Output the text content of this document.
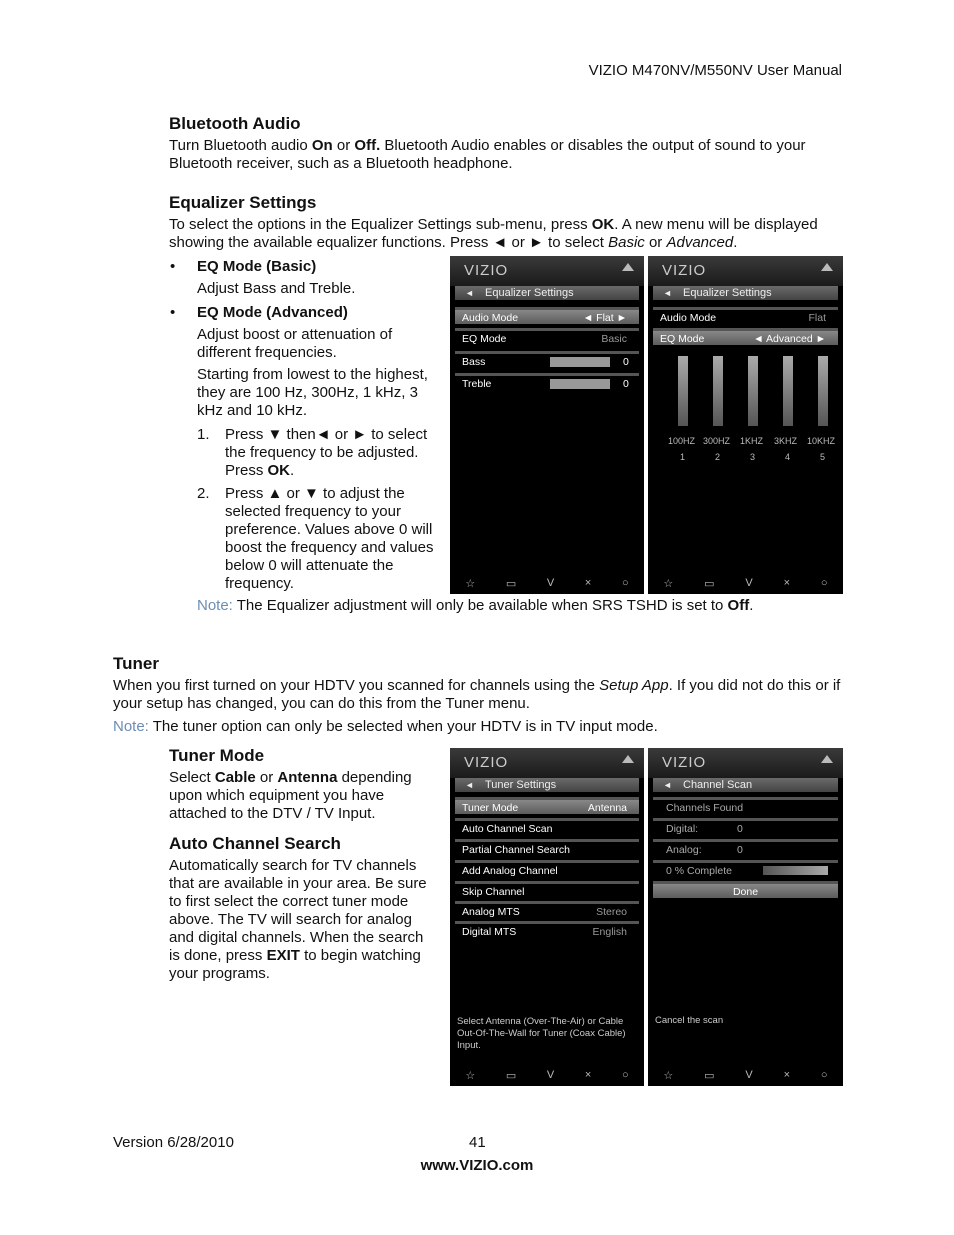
VIZIO M470NV/M550NV User Manual
Bluetooth Audio
Turn Bluetooth audio On or Off. Bluetooth Audio enables or disables the output of sound to your Bluetooth receiver, such as a Bluetooth headphone.
Equalizer Settings
To select the options in the Equalizer Settings sub-menu, press OK. A new menu will be displayed showing the available equalizer functions. Press ◄ or ► to select Basic or Advanced.
• EQ Mode (Basic)
Adjust Bass and Treble.
• EQ Mode (Advanced)
Adjust boost or attenuation of different frequencies.
Starting from lowest to the highest, they are 100 Hz, 300Hz, 1 kHz, 3 kHz and 10 kHz.
1. Press ▼ then◄ or ► to select the frequency to be adjusted. Press OK.
2. Press ▲ or ▼ to adjust the selected frequency to your preference. Values above 0 will boost the frequency and values below 0 will attenuate the frequency.
Note: The Equalizer adjustment will only be available when SRS TSHD is set to Off.
VIZIO
◄ Equalizer Settings
Audio Mode	◄ Flat ►
EQ Mode	Basic
Bass	0
Treble	0
☆	▭	V	×	○
VIZIO
◄ Equalizer Settings
Audio Mode	Flat
EQ Mode	◄ Advanced ►
100HZ 300HZ 1KHZ 3KHZ 10KHZ
1	2	3	4	5
☆	▭	V	×	○
Tuner
When you first turned on your HDTV you scanned for channels using the Setup App. If you did not do this or if your setup has changed, you can do this from the Tuner menu.
Note: The tuner option can only be selected when your HDTV is in TV input mode.
Tuner Mode
Select Cable or Antenna depending upon which equipment you have attached to the DTV / TV Input.
Auto Channel Search
Automatically search for TV channels that are available in your area. Be sure to first select the correct tuner mode above. The TV will search for analog and digital channels. When the search is done, press EXIT to begin watching your programs.
VIZIO
◄ Tuner Settings
Tuner Mode	Antenna
Auto Channel Scan
Partial Channel Search
Add Analog Channel
Skip Channel
Analog MTS	Stereo
Digital MTS	English
Select Antenna (Over-The-Air) or Cable Out-Of-The-Wall for Tuner (Coax Cable) Input.
☆	▭	V	×	○
VIZIO
◄ Channel Scan
Channels Found
Digital:	0
Analog:	0
0 % Complete
Done
Cancel the scan
☆	▭	V	×	○
Version 6/28/2010	41
www.VIZIO.com
